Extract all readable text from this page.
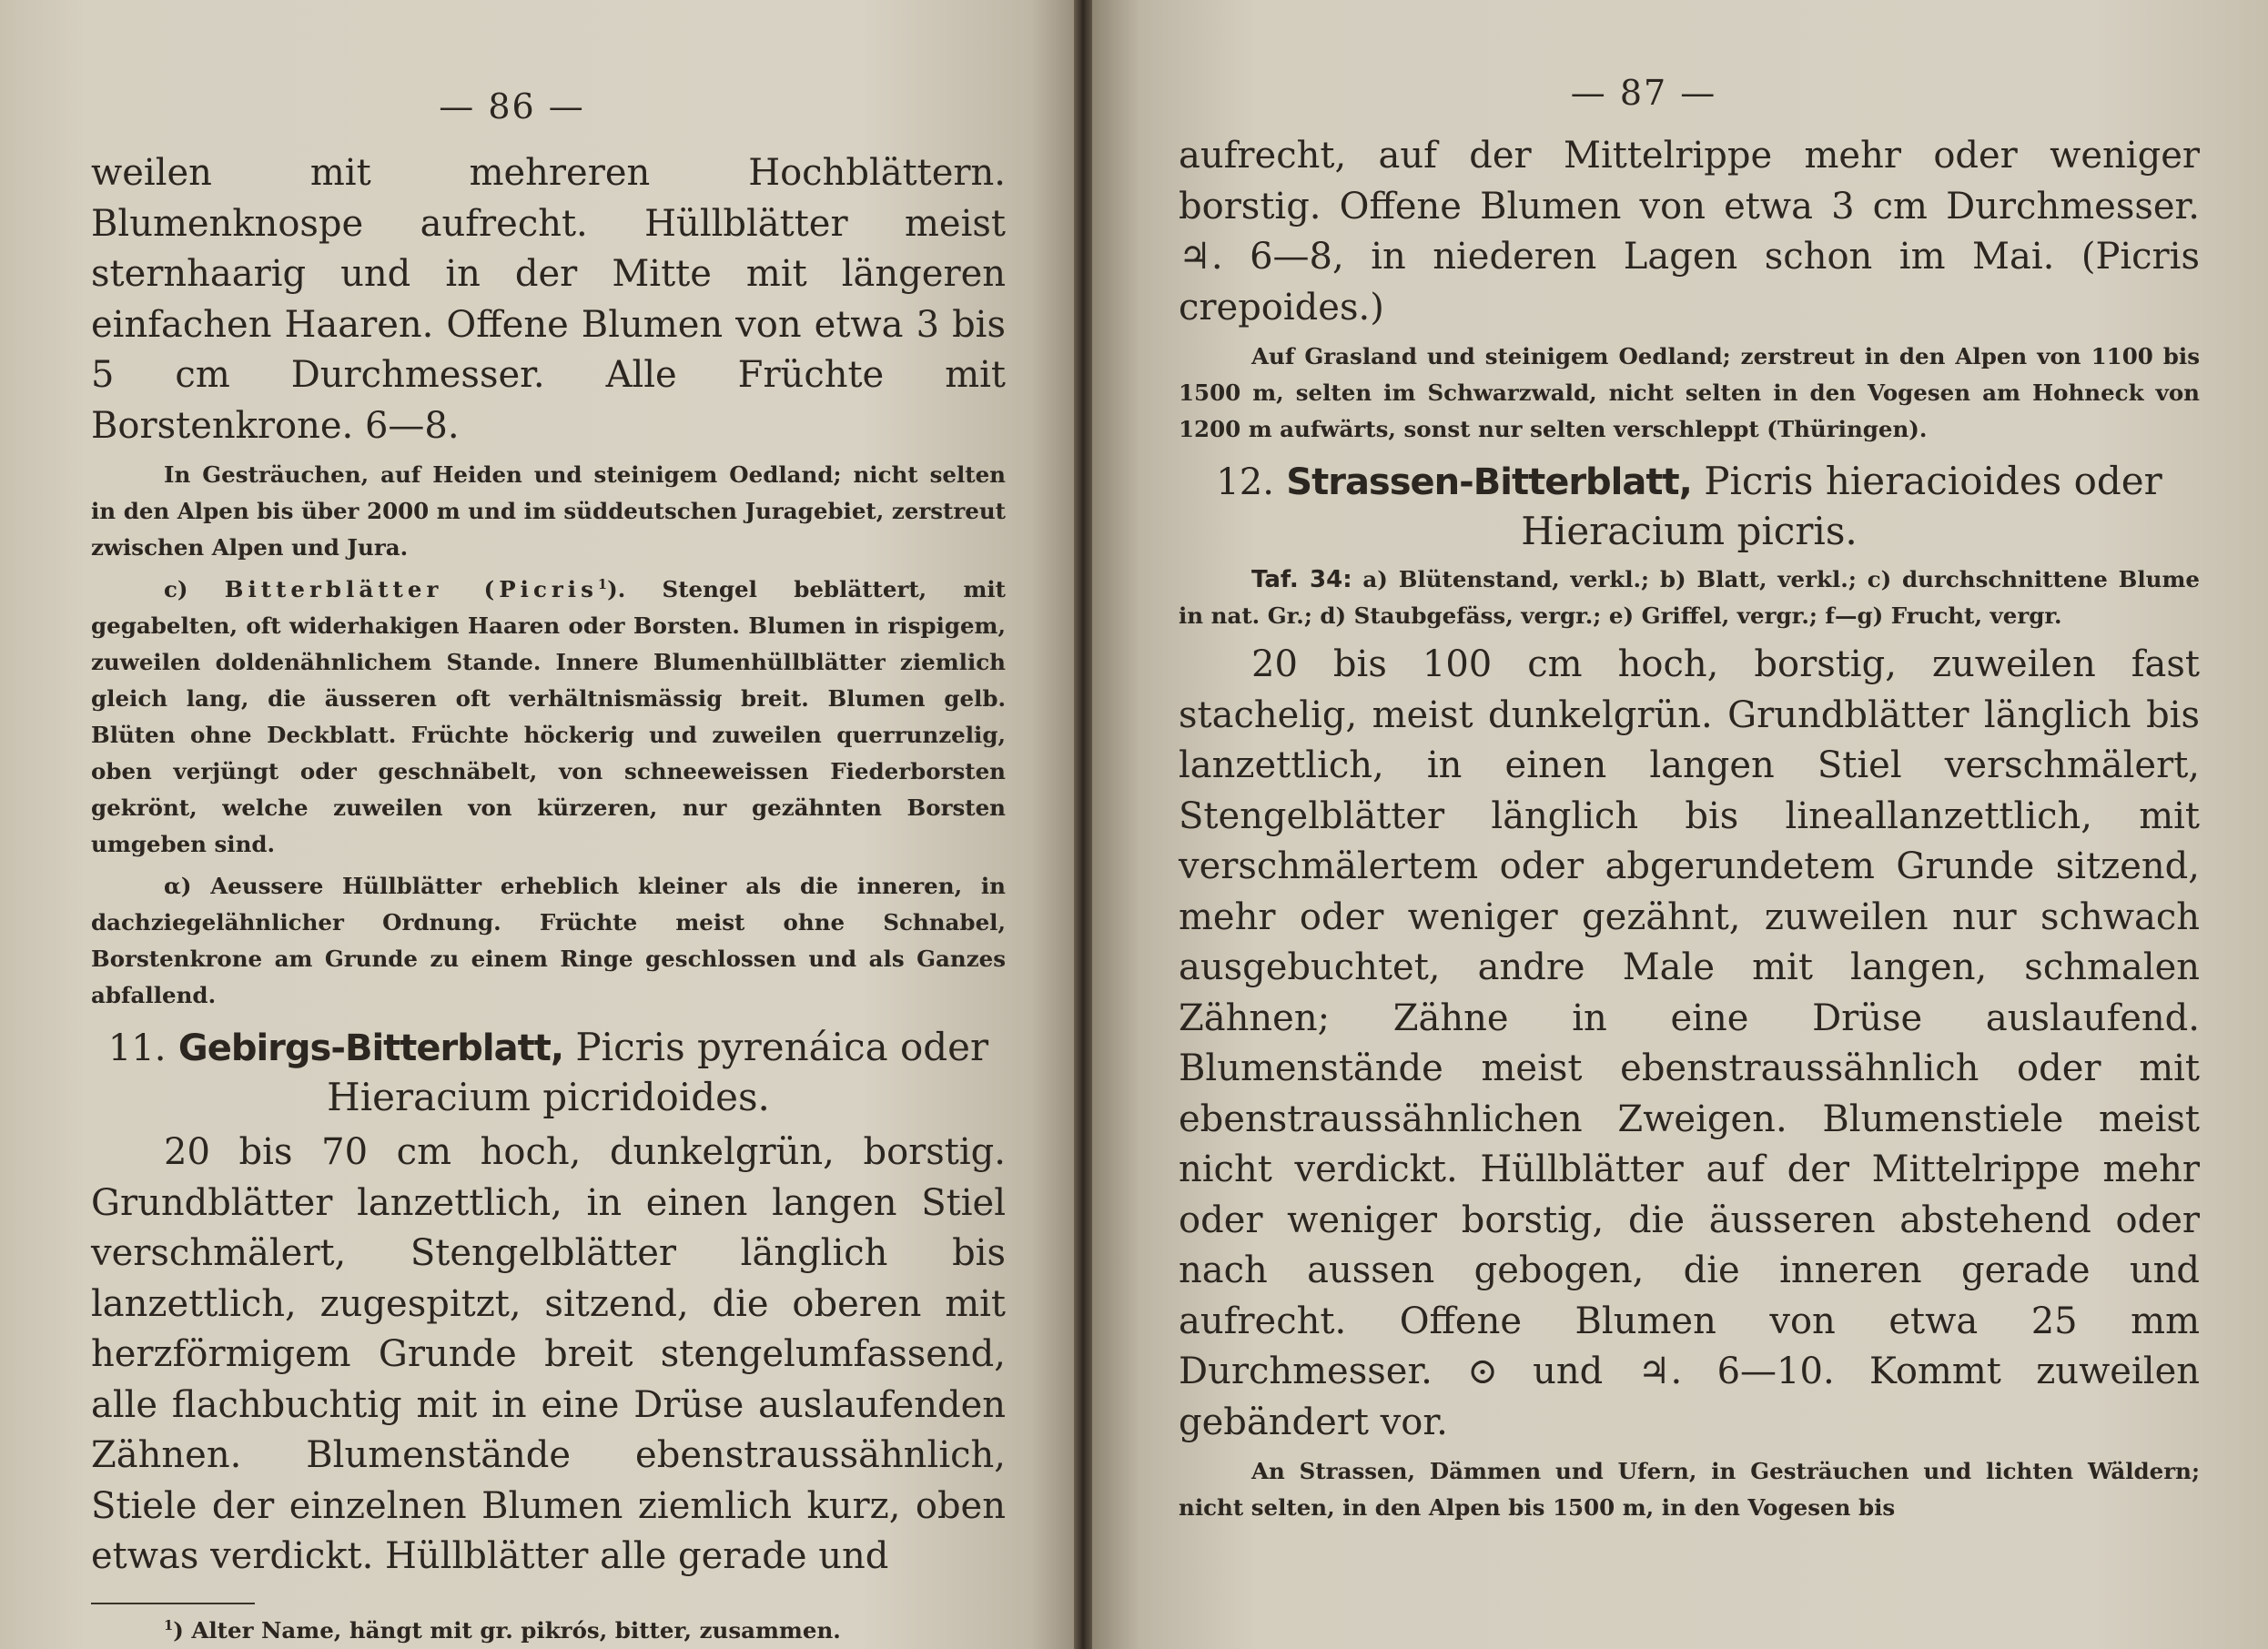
— 86 —

weilen mit mehreren Hochblättern. Blumenknospe aufrecht. Hüllblätter meist sternhaarig und in der Mitte mit längeren einfachen Haaren. Offene Blumen von etwa 3 bis 5 cm Durchmesser. Alle Früchte mit Borstenkrone. 6—8.

In Gesträuchen, auf Heiden und steinigem Oedland; nicht selten in den Alpen bis über 2000 m und im süddeutschen Juragebiet, zerstreut zwischen Alpen und Jura.

c) Bitterblätter (Picris$^1$). Stengel beblättert, mit gegabelten, oft widerhakigen Haaren oder Borsten. Blumen in rispigem, zuweilen doldenähnlichem Stande. Innere Blumenhüllblätter ziemlich gleich lang, die äusseren oft verhältnismässig breit. Blumen gelb. Blüten ohne Deckblatt. Früchte höckerig und zuweilen querrunzelig, oben verjüngt oder geschnäbelt, von schneeweissen Fiederborsten gekrönt, welche zuweilen von kürzeren, nur gezähnten Borsten umgeben sind.

α) Aeussere Hüllblätter erheblich kleiner als die inneren, in dachziegelähnlicher Ordnung. Früchte meist ohne Schnabel, Borstenkrone am Grunde zu einem Ringe geschlossen und als Ganzes abfallend.

11. Gebirgs-Bitterblatt, Picris pyrenáica oder
Hieracium picridoides.

20 bis 70 cm hoch, dunkelgrün, borstig. Grundblätter lanzettlich, in einen langen Stiel verschmälert, Stengelblätter länglich bis lanzettlich, zugespitzt, sitzend, die oberen mit herzförmigem Grunde breit stengelumfassend, alle flachbuchtig mit in eine Drüse auslaufenden Zähnen. Blumenstände ebenstraussähnlich, Stiele der einzelnen Blumen ziemlich kurz, oben etwas verdickt. Hüllblätter alle gerade und

$^1$) Alter Name, hängt mit gr. pikrós, bitter, zusammen.
— 87 —

aufrecht, auf der Mittelrippe mehr oder weniger borstig. Offene Blumen von etwa 3 cm Durchmesser. ♃. 6—8, in niederen Lagen schon im Mai. (Picris crepoides.)

Auf Grasland und steinigem Oedland; zerstreut in den Alpen von 1100 bis 1500 m, selten im Schwarzwald, nicht selten in den Vogesen am Hohneck von 1200 m aufwärts, sonst nur selten verschleppt (Thüringen).

12. Strassen-Bitterblatt, Picris hieracioides oder
Hieracium picris.

Taf. 34: a) Blütenstand, verkl.; b) Blatt, verkl.; c) durchschnittene Blume in nat. Gr.; d) Staubgefäss, vergr.; e) Griffel, vergr.; f—g) Frucht, vergr.

20 bis 100 cm hoch, borstig, zuweilen fast stachelig, meist dunkelgrün. Grundblätter länglich bis lanzettlich, in einen langen Stiel verschmälert, Stengelblätter länglich bis lineallanzettlich, mit verschmälertem oder abgerundetem Grunde sitzend, mehr oder weniger gezähnt, zuweilen nur schwach ausgebuchtet, andre Male mit langen, schmalen Zähnen; Zähne in eine Drüse auslaufend. Blumenstände meist ebenstraussähnlich oder mit ebenstraussähnlichen Zweigen. Blumenstiele meist nicht verdickt. Hüllblätter auf der Mittelrippe mehr oder weniger borstig, die äusseren abstehend oder nach aussen gebogen, die inneren gerade und aufrecht. Offene Blumen von etwa 25 mm Durchmesser. ⊙ und ♃. 6—10. Kommt zuweilen gebändert vor.

An Strassen, Dämmen und Ufern, in Gesträuchen und lichten Wäldern; nicht selten, in den Alpen bis 1500 m, in den Vogesen bis
